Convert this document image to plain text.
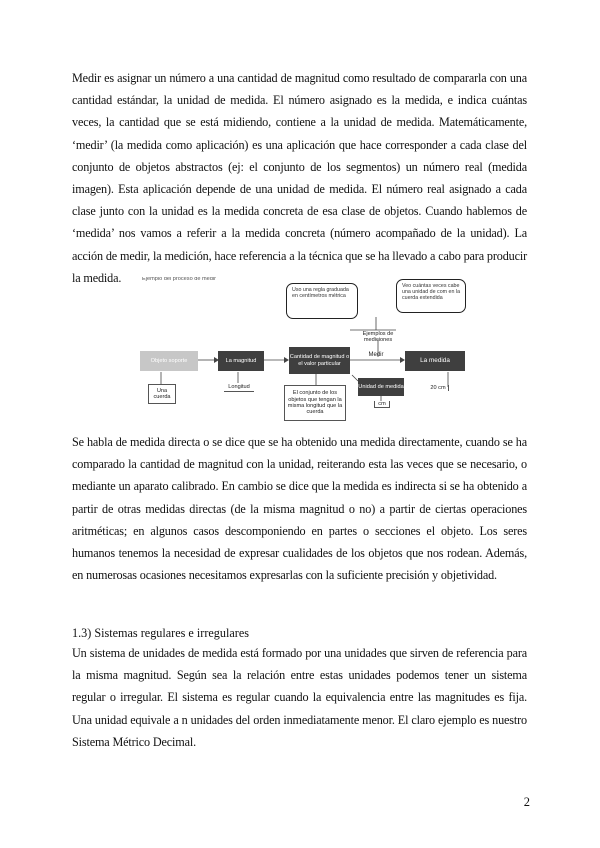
Medir es asignar un número a una cantidad de magnitud como resultado de compararla con una cantidad estándar, la unidad de medida. El número asignado es la medida, e indica cuántas veces, la cantidad que se está midiendo, contiene a la unidad de medida. Matemáticamente, ‘medir’ (la medida como aplicación) es una aplicación que hace corresponder a cada clase del conjunto de objetos abstractos (ej: el conjunto de los segmentos) un número real (medida imagen). Esta aplicación depende de una unidad de medida. El número real asignado a cada clase junto con la unidad es la medida concreta de esa clase de objetos. Cuando hablemos de ‘medida’ nos vamos a referir a la medida concreta (número acompañado de la unidad). La acción de medir, la medición, hace referencia a la técnica que se ha llevado a cabo para producir la medida.	Ejemplo del proceso de medir
Uso una regla graduada en centímetros métrica
Veo cuántas veces cabe una unidad de com en la cuerda extendida
Objeto soporte
Una cuerda
La magnitud
Longitud
Cantidad de magnitud o el valor particular
El conjunto de los objetos que tengan la misma longitud que la cuerda
Ejemplos de mediciones
Medir
La medida
20 cm
Unidad de medida
cm

Se habla de medida directa o se dice que se ha obtenido una medida directamente, cuando se ha comparado la cantidad de magnitud con la unidad, reiterando esta las veces que se necesario, o mediante un aparato calibrado. En cambio se dice que la medida es indirecta si se ha obtenido a partir de otras medidas directas (de la misma magnitud o no) a partir de ciertas operaciones aritméticas; en algunos casos descomponiendo en partes o secciones el objeto. Los seres humanos tenemos la necesidad de expresar cualidades de los objetos que nos rodean. Además, en numerosas ocasiones necesitamos expresarlas con la suficiente precisión y objetividad.

1.3) Sistemas regulares e irregulares

Un sistema de unidades de medida está formado por una unidades que sirven de referencia para la misma magnitud. Según sea la relación entre estas unidades podemos tener un sistema regular o irregular. El sistema es regular cuando la equivalencia entre las magnitudes es fija. Una unidad equivale a n unidades del orden inmediatamente menor. El claro ejemplo es nuestro Sistema Métrico Decimal.

2
